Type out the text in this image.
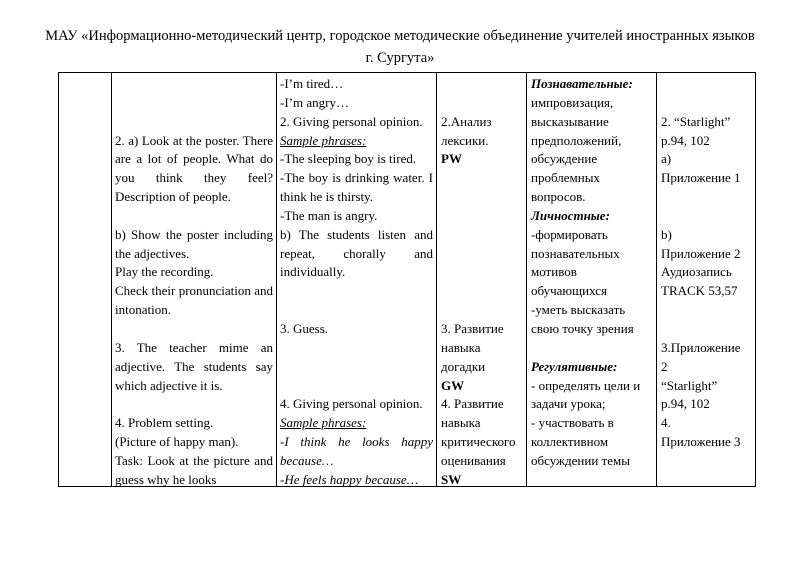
МАУ «Информационно-методический центр, городское методические объединение учителей иностранных языков
г. Сургута»

2. a) Look at the poster. There are a lot of people. What do you think they feel? Description of people.

b) Show the poster including the adjectives.

Play the recording.

Check their pronunciation and intonation.

3. The teacher mime an adjective. The students say which adjective it is.

4. Problem setting.

(Picture of happy man).

Task: Look at the picture and guess why he looks

-I’m tired…

-I’m angry…

2. Giving personal opinion.

Sample phrases:

-The sleeping boy is tired.

-The boy is drinking water. I think he is thirsty.

-The man is angry.

b) The students listen and repeat, chorally and individually.

3. Guess.

4. Giving personal opinion.

Sample phrases:

-I think he looks happy because…

-He feels happy because…

2.Анализ лексики.

PW

3. Развитие навыка догадки

GW

4. Развитие навыка критического оценивания

SW

Познавательные:

импровизация, высказывание предположений, обсуждение проблемных вопросов.

Личностные:

-формировать познавательных мотивов обучающихся

-уметь высказать свою точку зрения

Регулятивные:

- определять цели и задачи урока;

- участвовать в коллективном обсуждении темы

2. “Starlight”

p.94, 102

a)

Приложение 1

b)

Приложение 2

Аудиозапись

TRACK 53,57

3.Приложение

2

“Starlight”

p.94, 102

4.

Приложение 3
